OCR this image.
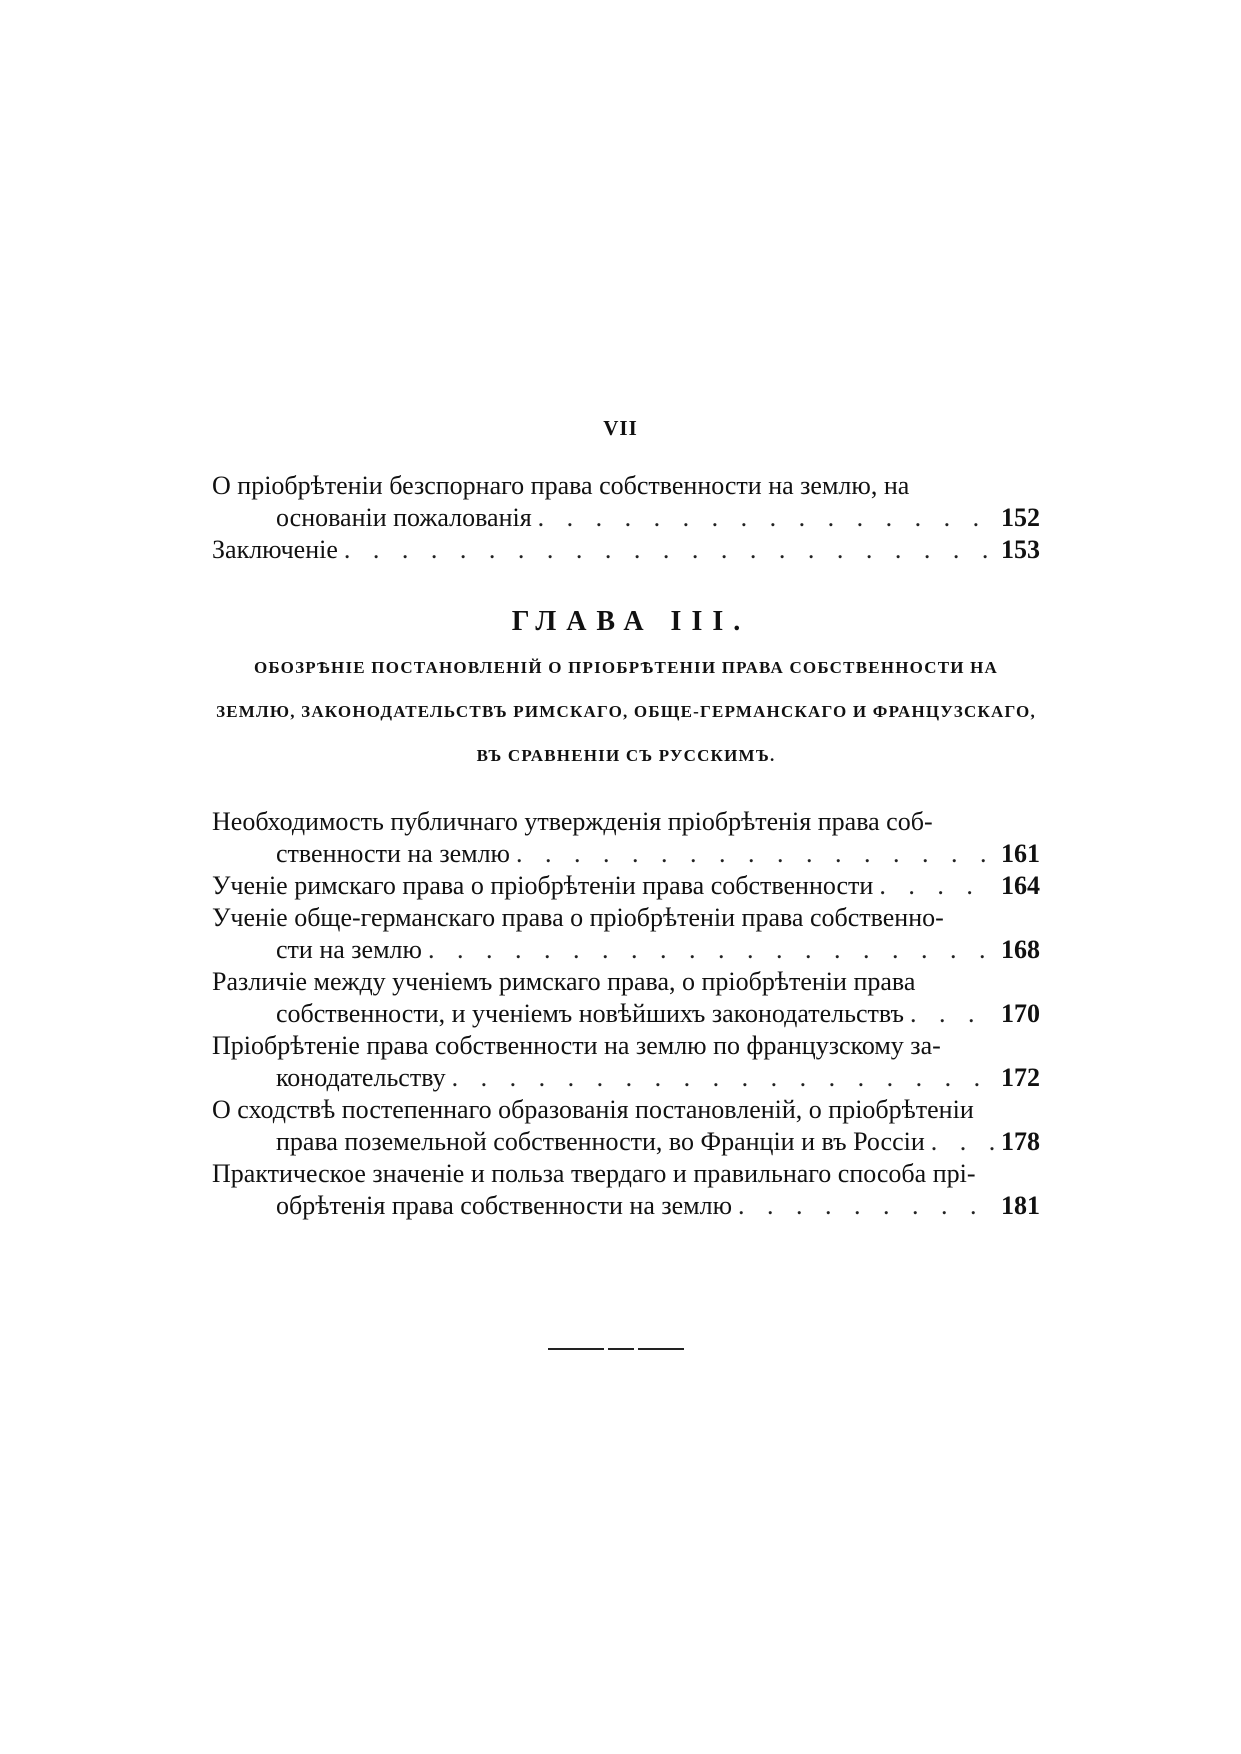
VII
О пріобрѣтеніи безспорнаго права собственности на землю, на
основаніи пожалованія . . .	152
Заключеніе . . .	153
ГЛАВА III.
ОБОЗРѢНІЕ ПОСТАНОВЛЕНІЙ О ПРІОБРѢТЕНІИ ПРАВА СОБСТВЕННОСТИ НА
ЗЕМЛЮ, ЗАКОНОДАТЕЛЬСТВЪ РИМСКАГО, ОБЩЕ-ГЕРМАНСКАГО И ФРАНЦУЗСКАГО,
ВЪ СРАВНЕНІИ СЪ РУССКИМЪ.
Необходимость публичнаго утвержденія пріобрѣтенія права соб-
ственности на землю . . .	161
Ученіе римскаго права о пріобрѣтеніи права собственности . . .	164
Ученіе обще-германскаго права о пріобрѣтеніи права собственно-
сти на землю . . .	168
Различіе между ученіемъ римскаго права, о пріобрѣтеніи права
собственности, и ученіемъ новѣйшихъ законодательствъ . . .	170
Пріобрѣтеніе права собственности на землю по французскому за-
конодательству . . .	172
О сходствѣ постепеннаго образованія постановленій, о пріобрѣтеніи
права поземельной собственности, во Франціи и въ Россіи . . .	178
Практическое значеніе и польза твердаго и правильнаго способа прі-
обрѣтенія права собственности на землю . . .	181
